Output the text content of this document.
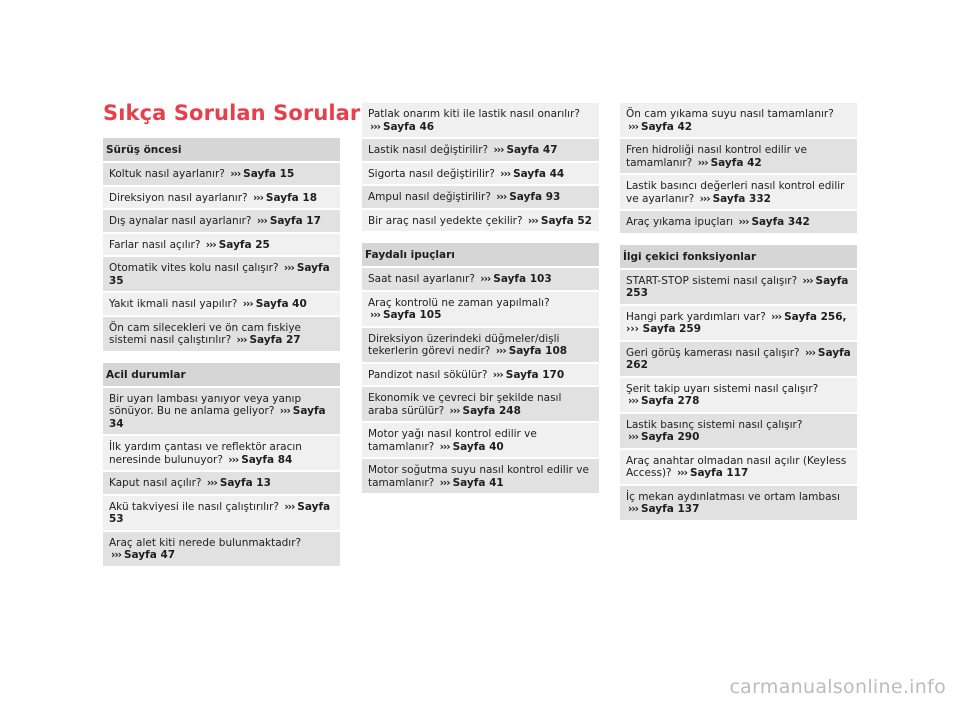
Sıkça Sorulan Sorular
Sürüş öncesi
Koltuk nasıl ayarlanır? ››› Sayfa 15
Direksiyon nasıl ayarlanır? ››› Sayfa 18
Dış aynalar nasıl ayarlanır? ››› Sayfa 17
Farlar nasıl açılır? ››› Sayfa 25
Otomatik vites kolu nasıl çalışır? ››› Sayfa 35
Yakıt ikmali nasıl yapılır? ››› Sayfa 40
Ön cam silecekleri ve ön cam fıskiye sistemi nasıl çalıştırılır? ››› Sayfa 27
Acil durumlar
Bir uyarı lambası yanıyor veya yanıp sönüyor. Bu ne anlama geliyor? ››› Sayfa 34
İlk yardım çantası ve reflektör aracın neresinde bulunuyor? ››› Sayfa 84
Kaput nasıl açılır? ››› Sayfa 13
Akü takviyesi ile nasıl çalıştırılır? ››› Sayfa 53
Araç alet kiti nerede bulunmaktadır? ››› Sayfa 47
Patlak onarım kiti ile lastik nasıl onarılır? ››› Sayfa 46
Lastik nasıl değiştirilir? ››› Sayfa 47
Sigorta nasıl değiştirilir? ››› Sayfa 44
Ampul nasıl değiştirilir? ››› Sayfa 93
Bir araç nasıl yedekte çekilir? ››› Sayfa 52
Faydalı ipuçları
Saat nasıl ayarlanır? ››› Sayfa 103
Araç kontrolü ne zaman yapılmalı? ››› Sayfa 105
Direksiyon üzerindeki düğmeler/dişli tekerlerin görevi nedir? ››› Sayfa 108
Pandizot nasıl sökülür? ››› Sayfa 170
Ekonomik ve çevreci bir şekilde nasıl araba sürülür? ››› Sayfa 248
Motor yağı nasıl kontrol edilir ve tamamlanır? ››› Sayfa 40
Motor soğutma suyu nasıl kontrol edilir ve tamamlanır? ››› Sayfa 41
Ön cam yıkama suyu nasıl tamamlanır? ››› Sayfa 42
Fren hidroliği nasıl kontrol edilir ve tamamlanır? ››› Sayfa 42
Lastik basıncı değerleri nasıl kontrol edilir ve ayarlanır? ››› Sayfa 332
Araç yıkama ipuçları ››› Sayfa 342
İlgi çekici fonksiyonlar
START-STOP sistemi nasıl çalışır? ››› Sayfa 253
Hangi park yardımları var? ››› Sayfa 256, ››› Sayfa 259
Geri görüş kamerası nasıl çalışır? ››› Sayfa 262
Şerit takip uyarı sistemi nasıl çalışır? ››› Sayfa 278
Lastik basınç sistemi nasıl çalışır? ››› Sayfa 290
Araç anahtar olmadan nasıl açılır (Keyless Access)? ››› Sayfa 117
İç mekan aydınlatması ve ortam lambası ››› Sayfa 137
carmanualsonline.info
